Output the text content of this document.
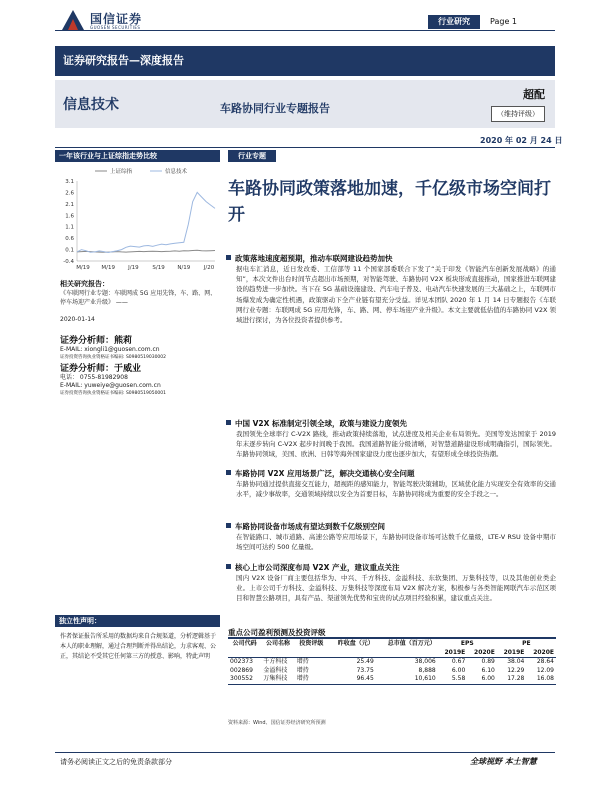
国信证券
GUOSEN SECURITIES
行业研究	Page 1
证券研究报告—深度报告
信息技术	车路协同行业专题报告
超配
（维持评级）
2020 年 02 月 24 日
一年该行业与上证综指走势比较
上证综指	信息技术
3.1
2.6
2.1
1.6
1.1
0.6
0.1
-0.4
M/19 M/19 J/19	S/19 N/19 J/20
相关研究报告：
《车联网行业专题：车联网成 5G 应用先锋，车、路、网、停车场迎产业升级》 ——
2020-01-14
证券分析师：熊莉
E-MAIL: xiongli1@guosen.com.cn
证券投资咨询执业资格证书编码: S0980519030002
证券分析师：于威业
电话： 0755-81982908
E-MAIL: yuweiye@guosen.com.cn
证券投资咨询执业资格证书编码: S0980519050001
独立性声明：
作者保证报告所采用的数据均来自合规渠道，分析逻辑基于本人的职业理解，通过合理判断并得出结论，力求客观、公正，其结论不受其它任何第三方的授意、影响，特此声明
行业专题
车路协同政策落地加速，千亿级市场空间打开
政策落地速度超预期，推动车联网建设趋势加快
据电车汇消息，近日发改委、工信部等 11 个国家部委联合下发了“关于印发《智能汽车创新发展战略》的通知”，本次文件出台时间节点超出市场预期，对智能驾驶、车路协同 V2X 板块形成直接推动，国家推进车联网建设的趋势进一步加快。当下在 5G 基础设施建设、汽车电子普及、电动汽车快速发展的三大基础之上，车联网市场爆发成为确定性机遇，政策驱动下全产业链有望充分受益。详见本团队 2020 年 1 月 14 日专题报告《车联网行业专题：车联网成 5G 应用先锋，车、路、网、停车场迎产业升级》。本文主要就低估值的车路协同 V2X 领域进行探讨，为各位投资者提供参考。
中国 V2X 标准制定引领全球，政策与建设力度领先
我国领先全球率行 C-V2X 路线，推动政策持续落地，试点进度及相关企业布局领先。美国等发达国家于 2019 年末逐步转向 C-V2X 起步时间晚于我国。我国道路智能分级清晰，对智慧道路建设形成明确指引，国际领先。车路协同领域，美国、欧洲、日韩等海外国家建设力度也逐步加大，有望形成全球投资热潮。
车路协同 V2X 应用场景广泛，解决交通核心安全问题
车路协同通过提供直接交互能力，超视距的感知能力，智能驾驶决策辅助，区域优化能力实现安全有效率的交通水平，减少事故率，交通领域持续以安全为首要目标，车路协同将成为重要的安全手段之一。
车路协同设备市场成有望达到数千亿级别空间
在智能路口、城市道路、高速公路等应用场景下，车路协同设备市场可达数千亿量级，LTE-V RSU 设备中期市场空间可达约 500 亿量级。
核心上市公司深度布局 V2X 产业，建议重点关注
国内 V2X 设备厂商主要包括华为、中兴、千方科技、金溢科技、东软集团、万集科技等，以及其他创业类企业。上市公司千方科技、金溢科技、万集科技等深度布局 V2X 解决方案，积极参与各类智能网联汽车示范区项目和智慧公路项目，具有产品、渠道领先优势和宝贵的试点项目经验积累，建议重点关注。
重点公司盈利预测及投资评级
公司代码	公司名称	投资评级	昨收盘（元）	总市值（百万元）	EPS		PE	
					2019E	2020E	2019E	2020E
002373	千方科技	增持	25.49	38,006	0.67	0.89	38.04	28.64
002869	金溢科技	增持	73.75	8,888	6.00	6.10	12.29	12.09
300552	万集科技	增持	96.45	10,610	5.58	6.00	17.28	16.08
资料来源：Wind、国信证券经济研究所预测
请务必阅读正文之后的免责条款部分	全球视野 本土智慧
